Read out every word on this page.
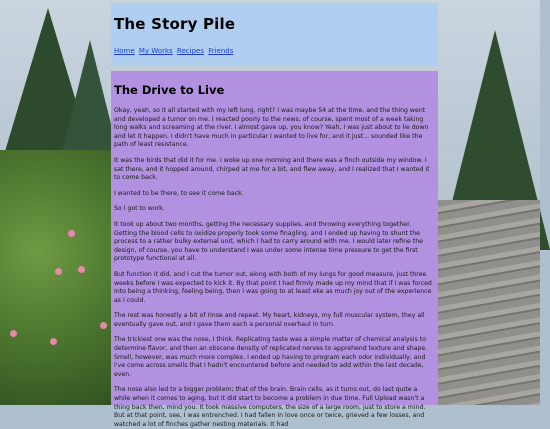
The Story Pile
Home My Works Recipes Friends
The Drive to Live

Okay, yeah, so it all started with my left lung, right? I was maybe 54 at the time, and the thing went and developed a tumor on me. I reacted poorly to the news, of course, spent most of a week taking long walks and screaming at the river. I almost gave up, you know? Yeah, I was just about to lie down and let it happen. I didn't have much in particular I wanted to live for, and it just... sounded like the path of least resistance.

It was the birds that did it for me. I woke up one morning and there was a finch outside my window. I sat there, and it hopped around, chirped at me for a bit, and flew away, and I realized that I wanted it to come back.

I wanted to be there, to see it come back.

So I got to work.

It took up about two months, getting the necessary supplies, and throwing everything together. Getting the blood cells to oxidize properly took some finagling, and I ended up having to shunt the process to a rather bulky external unit, which I had to carry around with me. I would later refine the design, of course, you have to understand I was under some intense time pressure to get the first prototype functional at all.

But function it did, and I cut the tumor out, along with both of my lungs for good measure, just three weeks before I was expected to kick it. By that point I had firmly made up my mind that if I was forced into being a thinking, feeling being, then I was going to at least eke as much joy out of the experience as I could.

The rest was honestly a bit of rinse and repeat. My heart, kidneys, my full muscular system, they all eventually gave out, and I gave them each a personal overhaul in turn.

The trickiest one was the nose, I think. Replicating taste was a simple matter of chemical analysis to determine flavor, and then an obscene density of replicated nerves to apprehend texture and shape. Smell, however, was much more complex. I ended up having to program each odor individually, and I've come across smells that I hadn't encountered before and needed to add within the last decade, even.

The nose also led to a bigger problem; that of the brain. Brain cells, as it turns out, do last quite a while when it comes to aging, but it did start to become a problem in due time. Full Upload wasn't a thing back then, mind you. It took massive computers, the size of a large room, just to store a mind. But at that point, see, I was entrenched. I had fallen in love once or twice, grieved a few losses, and watched a lot of finches gather nesting materials. It had
